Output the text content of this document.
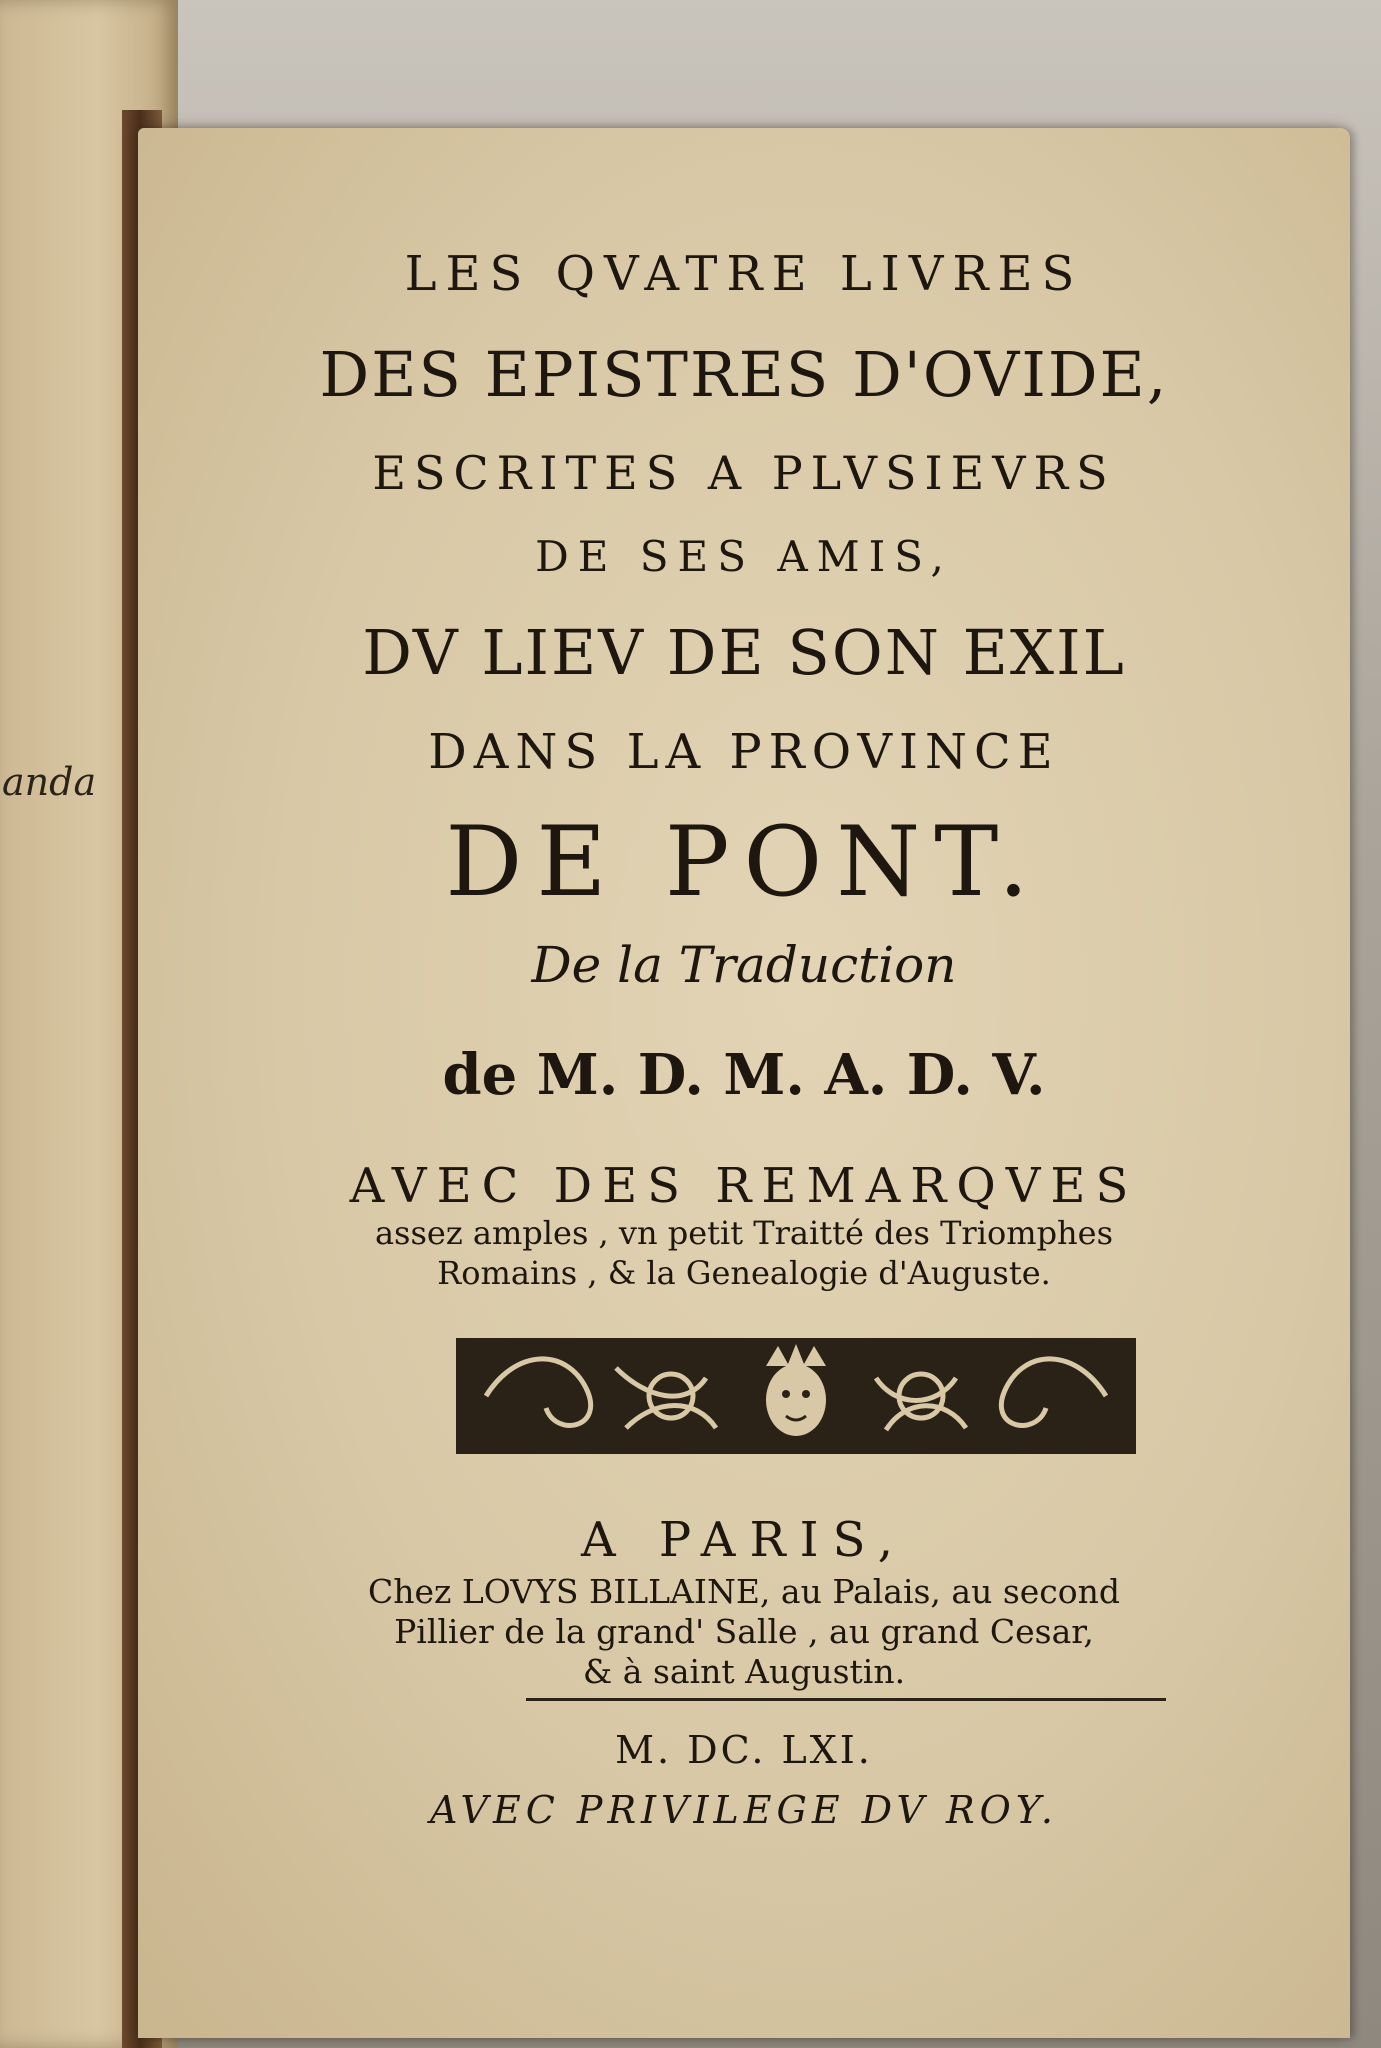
anda

LES QVATRE LIVRES

DES EPISTRES D'OVIDE,

ESCRITES A PLVSIEVRS

DE SES AMIS,

DV LIEV DE SON EXIL

DANS LA PROVINCE

DE PONT.

De la Traduction

de M. D. M. A. D. V.

AVEC DES REMARQVES

assez amples , vn petit Traitté des Triomphes

Romains , & la Genealogie d'Auguste.

A PARIS,

Chez LOVYS BILLAINE, au Palais, au second

Pillier de la grand' Salle , au grand Cesar,

& à saint Augustin.

M. DC. LXI.

AVEC PRIVILEGE DV ROY.
